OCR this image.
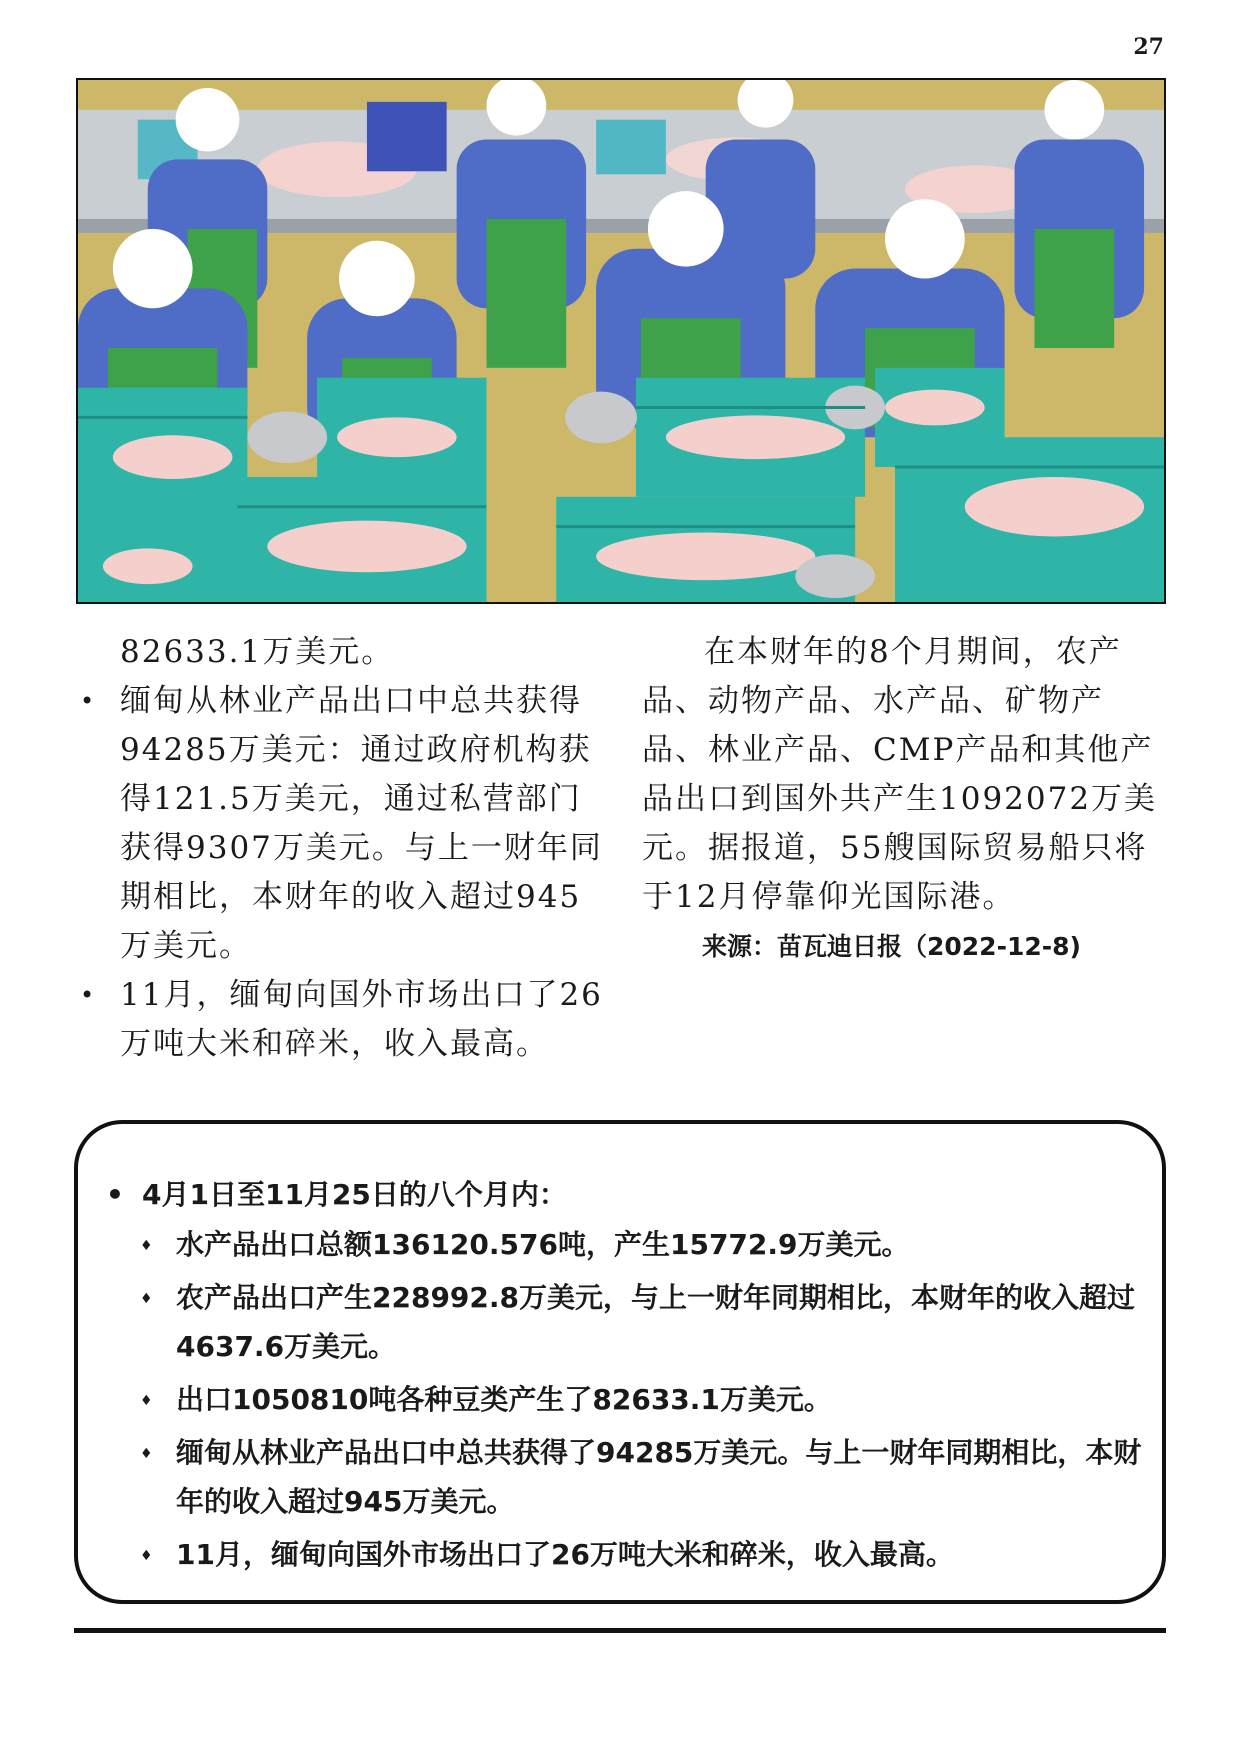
27

82633.1万美元。

• 缅甸从林业产品出口中总共获得94285万美元：通过政府机构获得121.5万美元，通过私营部门获得9307万美元。与上一财年同期相比，本财年的收入超过945万美元。
• 11月，缅甸向国外市场出口了26万吨大米和碎米，收入最高。

在本财年的8个月期间，农产品、动物产品、水产品、矿物产品、林业产品、CMP产品和其他产品出口到国外共产生1092072万美元。据报道，55艘国际贸易船只将于12月停靠仰光国际港。

来源：苗瓦迪日报（2022-12-8)

• 4月1日至11月25日的八个月内：
♦ 水产品出口总额136120.576吨，产生15772.9万美元。
♦ 农产品出口产生228992.8万美元，与上一财年同期相比，本财年的收入超过4637.6万美元。
♦ 出口1050810吨各种豆类产生了82633.1万美元。
♦ 缅甸从林业产品出口中总共获得了94285万美元。与上一财年同期相比，本财年的收入超过945万美元。
♦ 11月，缅甸向国外市场出口了26万吨大米和碎米，收入最高。
